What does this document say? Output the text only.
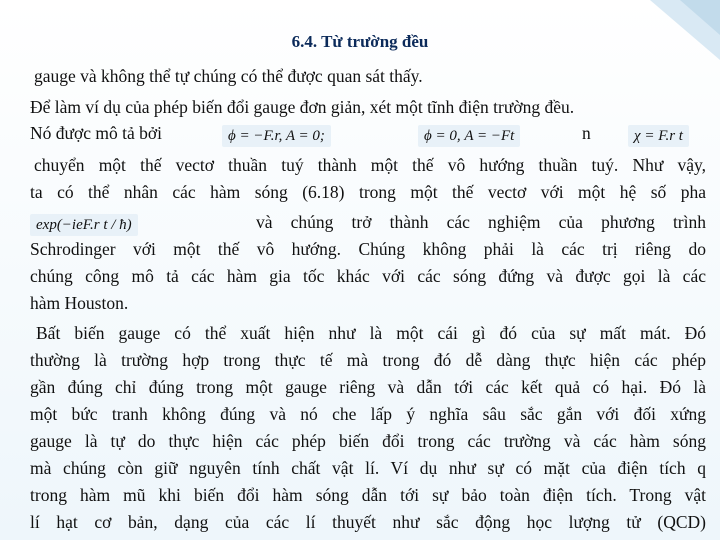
6.4. Từ trường đều
gauge và không thể tự chúng có thể được quan sát thấy.
Để làm ví dụ của phép biến đổi gauge đơn giản, xét một tĩnh điện trường đều.
Nó được mô tả bởi	ϕ = −F.r, A = 0;	ϕ = 0, A = −Ft	n	χ = F.r t
chuyển một thế vectơ thuần tuý thành một thế vô hướng thuần tuý. Như vậy,
ta có thể nhân các hàm sóng (6.18) trong một thế vectơ với một hệ số pha
exp(−ieF.r t / ħ)	và chúng trở thành các nghiệm của phương trình
Schrodinger với một thế vô hướng. Chúng không phải là các trị riêng do
chúng công mô tả các hàm gia tốc khác với các sóng đứng và được gọi là các
hàm Houston.
Bất biến gauge có thể xuất hiện như là một cái gì đó của sự mất mát. Đó
thường là trường hợp trong thực tế mà trong đó dễ dàng thực hiện các phép
gần đúng chỉ đúng trong một gauge riêng và dẫn tới các kết quả có hại. Đó là
một bức tranh không đúng và nó che lấp ý nghĩa sâu sắc gắn với đối xứng
gauge là tự do thực hiện các phép biến đổi trong các trường và các hàm sóng
mà chúng còn giữ nguyên tính chất vật lí. Ví dụ như sự có mặt của điện tích q
trong hàm mũ khi biến đổi hàm sóng dẫn tới sự bảo toàn điện tích. Trong vật
lí hạt cơ bản, dạng của các lí thuyết như sắc động học lượng tử (QCD)
